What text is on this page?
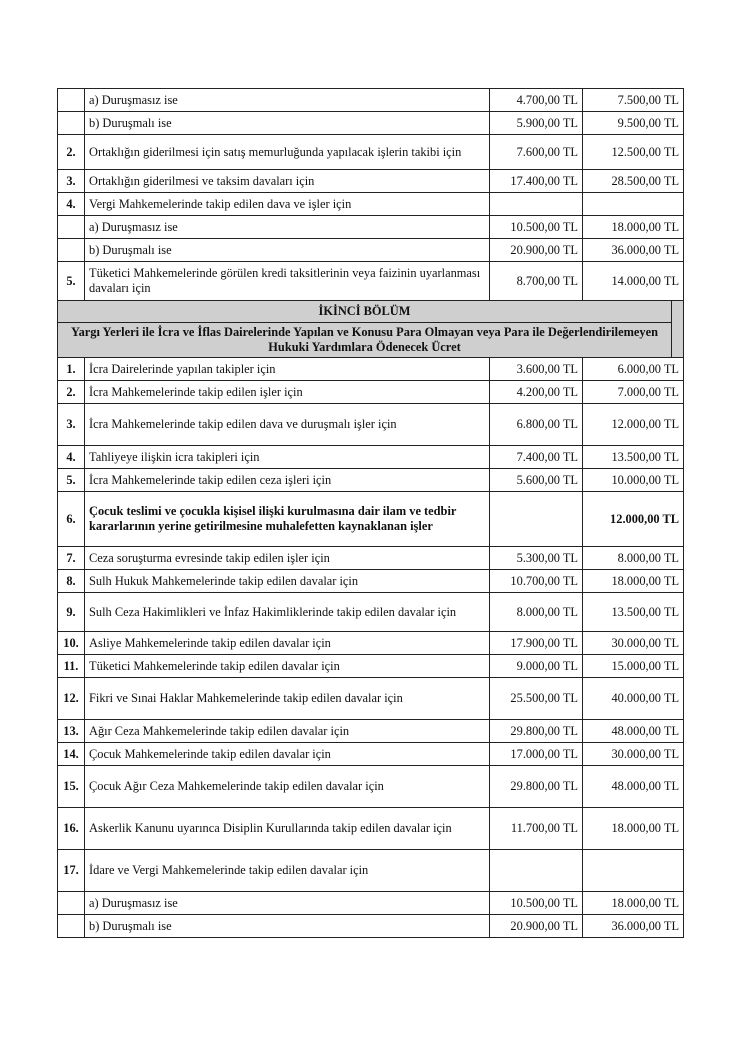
	a) Duruşmasız ise	4.700,00 TL	7.500,00 TL	
	b) Duruşmalı ise	5.900,00 TL	9.500,00 TL	
2.	Ortaklığın giderilmesi için satış memurluğunda yapılacak işlerin takibi için	7.600,00 TL	12.500,00 TL	
3.	Ortaklığın giderilmesi ve taksim davaları için	17.400,00 TL	28.500,00 TL	
4.	Vergi Mahkemelerinde takip edilen dava ve işler için			
	a) Duruşmasız ise	10.500,00 TL	18.000,00 TL	
	b) Duruşmalı ise	20.900,00 TL	36.000,00 TL	
5.	Tüketici Mahkemelerinde görülen kredi taksitlerinin veya faizinin uyarlanması davaları için	8.700,00 TL	14.000,00 TL	
İKİNCİ BÖLÜM				
Yargı Yerleri ile İcra ve İflas Dairelerinde Yapılan ve Konusu Para Olmayan veya Para ile Değerlendirilemeyen Hukuki Yardımlara Ödenecek Ücret				
1.	İcra Dairelerinde yapılan takipler için	3.600,00 TL	6.000,00 TL	
2.	İcra Mahkemelerinde takip edilen işler için	4.200,00 TL	7.000,00 TL	
3.	İcra Mahkemelerinde takip edilen dava ve duruşmalı işler için	6.800,00 TL	12.000,00 TL	
4.	Tahliyeye ilişkin icra takipleri için	7.400,00 TL	13.500,00 TL	
5.	İcra Mahkemelerinde takip edilen ceza işleri için	5.600,00 TL	10.000,00 TL	
6.	Çocuk teslimi ve çocukla kişisel ilişki kurulmasına dair ilam ve tedbir kararlarının yerine getirilmesine muhalefetten kaynaklanan işler		12.000,00 TL	
7.	Ceza soruşturma evresinde takip edilen işler için	5.300,00 TL	8.000,00 TL	
8.	Sulh Hukuk Mahkemelerinde takip edilen davalar için	10.700,00 TL	18.000,00 TL	
9.	Sulh Ceza Hakimlikleri ve İnfaz Hakimliklerinde takip edilen davalar için	8.000,00 TL	13.500,00 TL	
10.	Asliye Mahkemelerinde takip edilen davalar için	17.900,00 TL	30.000,00 TL	
11.	Tüketici Mahkemelerinde takip edilen davalar için	9.000,00 TL	15.000,00 TL	
12.	Fikri ve Sınai Haklar Mahkemelerinde takip edilen davalar için	25.500,00 TL	40.000,00 TL	
13.	Ağır Ceza Mahkemelerinde takip edilen davalar için	29.800,00 TL	48.000,00 TL	
14.	Çocuk Mahkemelerinde takip edilen davalar için	17.000,00 TL	30.000,00 TL	
15.	Çocuk Ağır Ceza Mahkemelerinde takip edilen davalar için	29.800,00 TL	48.000,00 TL	
16.	Askerlik Kanunu uyarınca Disiplin Kurullarında takip edilen davalar için	11.700,00 TL	18.000,00 TL	
17.	İdare ve Vergi Mahkemelerinde takip edilen davalar için			
	a) Duruşmasız ise	10.500,00 TL	18.000,00 TL	
	b) Duruşmalı ise	20.900,00 TL	36.000,00 TL	
